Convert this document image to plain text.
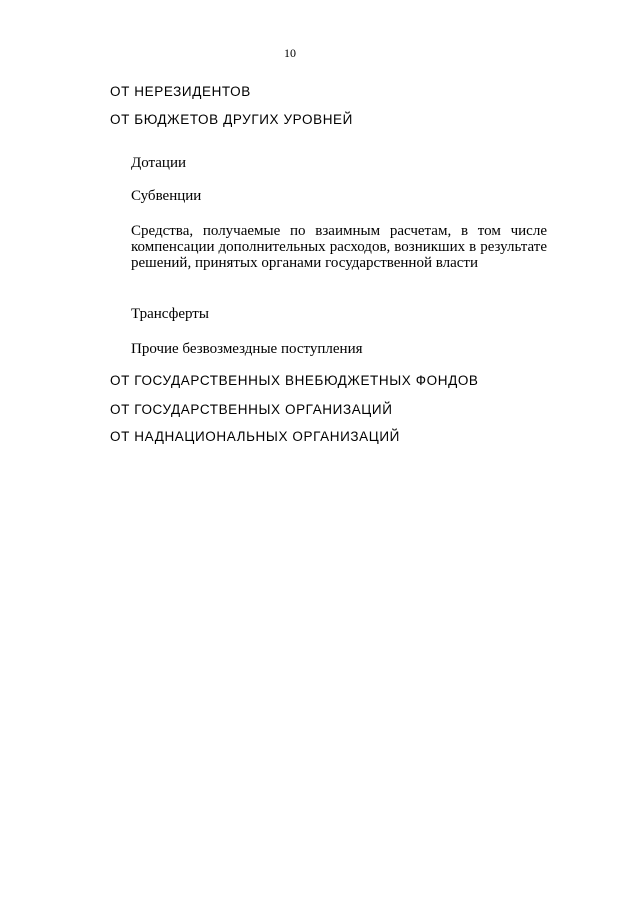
10
ОТ НЕРЕЗИДЕНТОВ
ОТ БЮДЖЕТОВ ДРУГИХ УРОВНЕЙ
Дотации
Субвенции
Средства, получаемые по взаимным расчетам, в том числе компенсации дополнительных расходов, возникших в результате решений, принятых органами государственной власти
Трансферты
Прочие безвозмездные поступления
ОТ ГОСУДАРСТВЕННЫХ ВНЕБЮДЖЕТНЫХ ФОНДОВ
ОТ ГОСУДАРСТВЕННЫХ ОРГАНИЗАЦИЙ
ОТ НАДНАЦИОНАЛЬНЫХ ОРГАНИЗАЦИЙ
